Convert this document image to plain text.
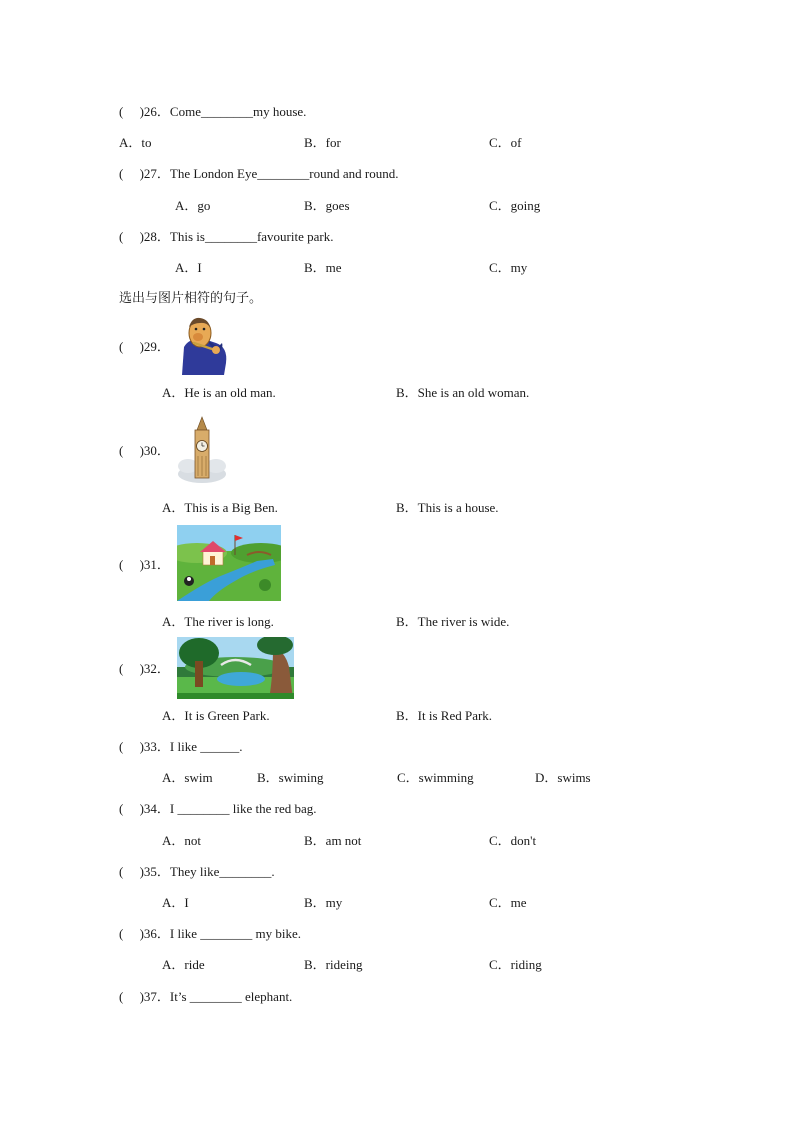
(     )26．Come________my house.
A．to	B．for	C．of
(     )27．The London Eye________round and round.
A．go	B．goes	C．going
(     )28．This is________favourite park.
A．I	B．me	C．my
选出与图片相符的句子。
(     )29．
A．He is an old man.	B．She is an old woman.
(     )30．
A．This is a Big Ben.	B．This is a house.
(     )31．
A．The river is long.	B．The river is wide.
(     )32．
A．It is Green Park.	B．It is Red Park.
(     )33．I like ______.
A．swim	B．swiming	C．swimming	D．swims
(     )34．I ________ like the red bag.
A．not	B．am not	C．don't
(     )35．They like________.
A．I	B．my	C．me
(     )36．I like ________ my bike.
A．ride	B．rideing	C．riding
(     )37．It’s ________ elephant.
